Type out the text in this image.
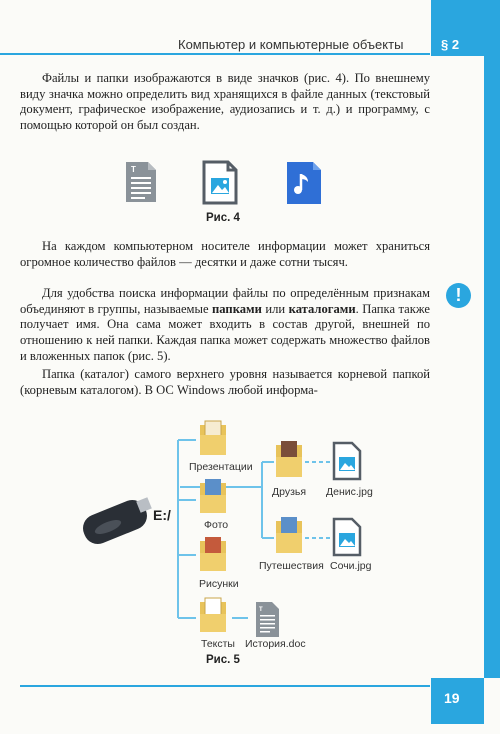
Компьютер и компьютерные объекты	§ 2

Файлы и папки изображаются в виде значков (рис. 4). По внешнему виду значка можно определить вид хранящихся в файле данных (текстовый документ, графическое изображение, аудиозапись и т. д.) и программу, с помощью которой он был создан.

T
Рис. 4

На каждом компьютерном носителе информации может храниться огромное количество файлов — десятки и даже сотни тысяч.

Для удобства поиска информации файлы по определённым признакам объединяют в группы, называемые папками или каталогами. Папка также получает имя. Она сама может входить в состав другой, внешней по отношению к ней папки. Каждая папка может содержать множество файлов и вложенных папок (рис. 5).

Папка (каталог) самого верхнего уровня называется корневой папкой (корневым каталогом). В ОС Windows любой информа-

!
T
E:/
Презентации
Фото
Рисунки
Тексты
Друзья
Путешествия
Денис.jpg
Сочи.jpg
История.doc
Рис. 5
19
